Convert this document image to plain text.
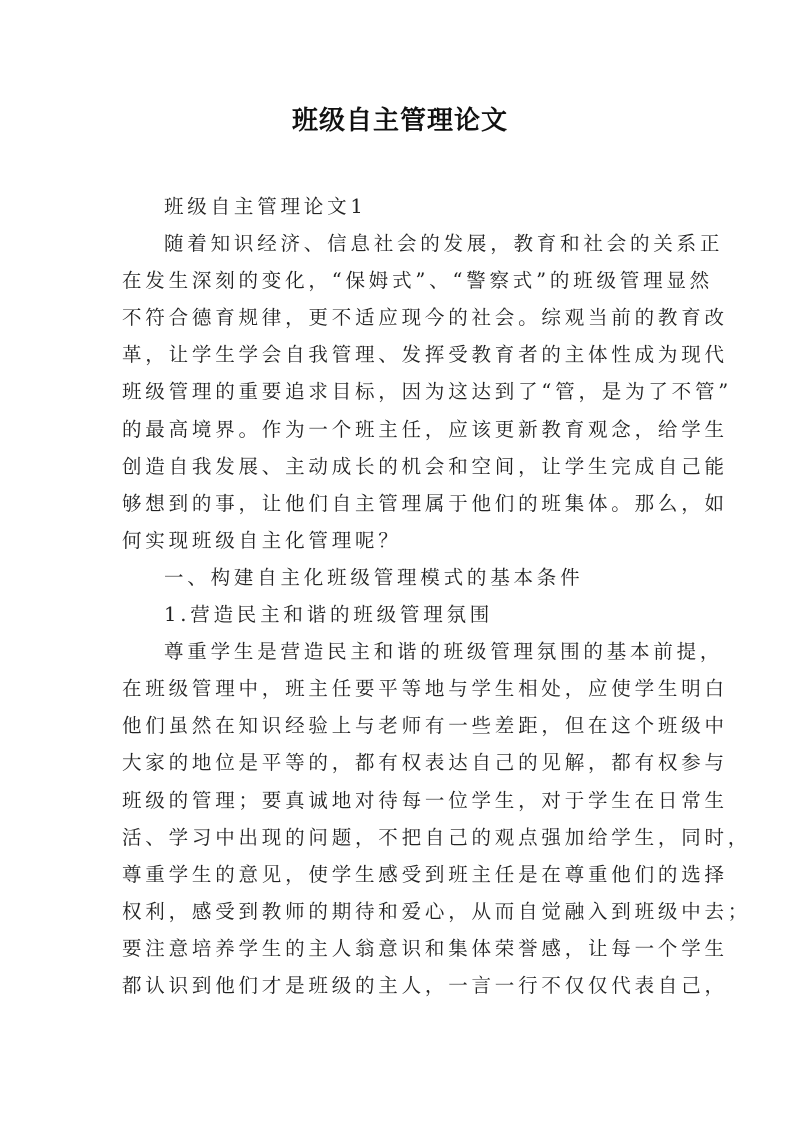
班级自主管理论文
班级自主管理论文1
随着知识经济、信息社会的发展，教育和社会的关系正
在发生深刻的变化，“保姆式”、“警察式”的班级管理显然
不符合德育规律，更不适应现今的社会。综观当前的教育改
革，让学生学会自我管理、发挥受教育者的主体性成为现代
班级管理的重要追求目标，因为这达到了“管，是为了不管”
的最高境界。作为一个班主任，应该更新教育观念，给学生
创造自我发展、主动成长的机会和空间，让学生完成自己能
够想到的事，让他们自主管理属于他们的班集体。那么，如
何实现班级自主化管理呢？
一、构建自主化班级管理模式的基本条件
1.营造民主和谐的班级管理氛围
尊重学生是营造民主和谐的班级管理氛围的基本前提，
在班级管理中，班主任要平等地与学生相处，应使学生明白
他们虽然在知识经验上与老师有一些差距，但在这个班级中
大家的地位是平等的，都有权表达自己的见解，都有权参与
班级的管理；要真诚地对待每一位学生，对于学生在日常生
活、学习中出现的问题，不把自己的观点强加给学生，同时，
尊重学生的意见，使学生感受到班主任是在尊重他们的选择
权利，感受到教师的期待和爱心，从而自觉融入到班级中去；
要注意培养学生的主人翁意识和集体荣誉感，让每一个学生
都认识到他们才是班级的主人，一言一行不仅仅代表自己，
